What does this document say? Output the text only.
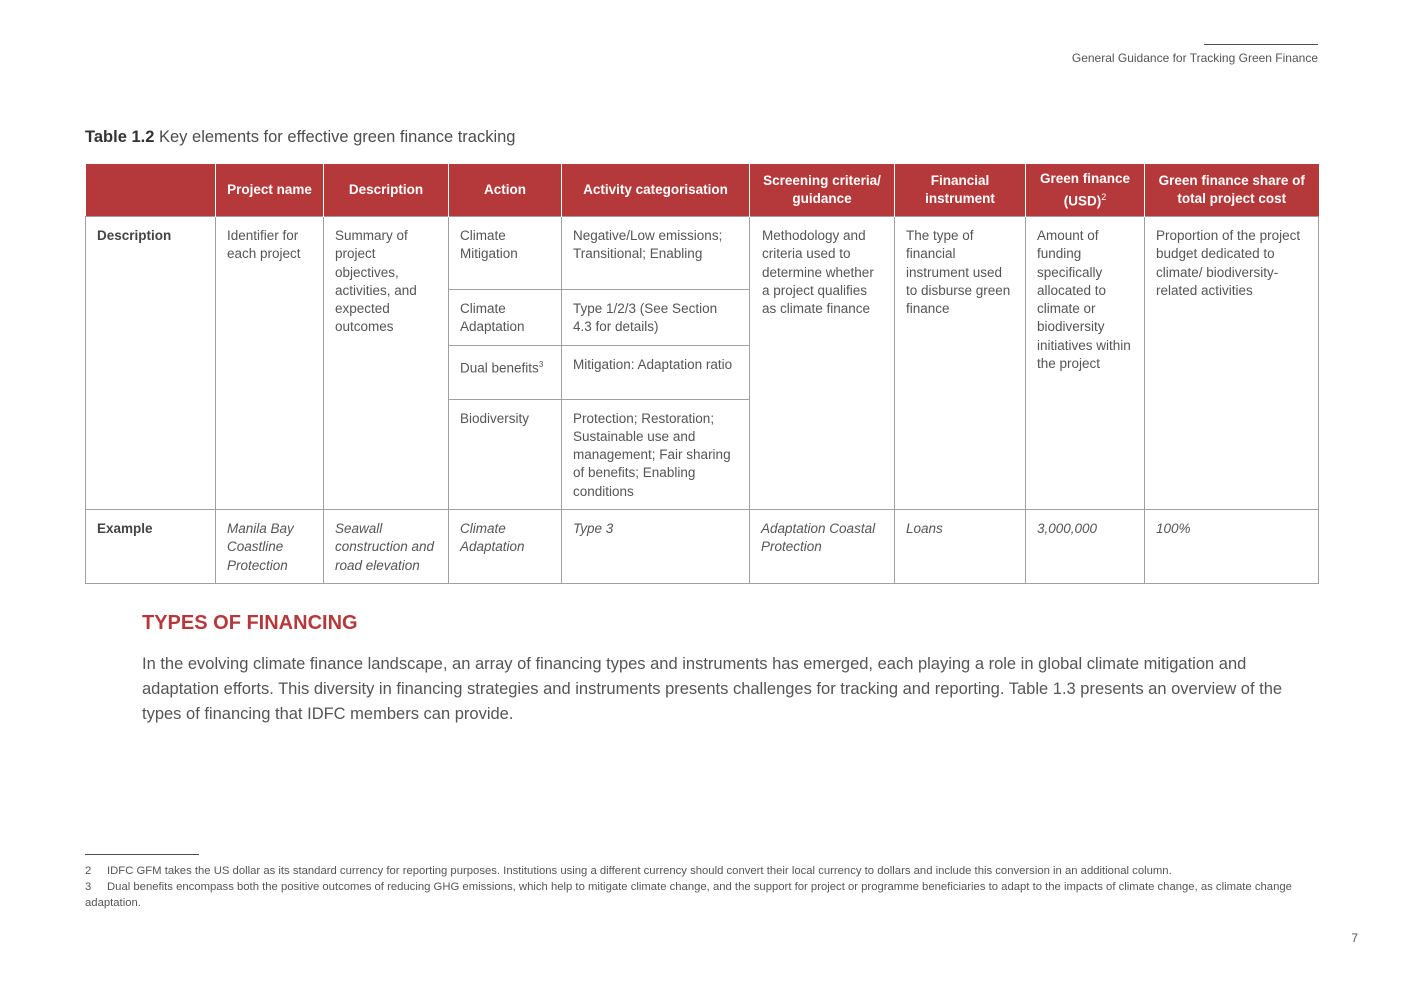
General Guidance for Tracking Green Finance
Table 1.2 Key elements for effective green finance tracking
	Project name	Description	Action	Activity categorisation	Screening criteria/ guidance	Financial instrument	Green finance (USD)$^2$	Green finance share of total project cost
Description	Identifier for each project	Summary of project objectives, activities, and expected outcomes	Climate Mitigation	Negative/Low emissions; Transitional; Enabling	Methodology and criteria used to determine whether a project qualifies as climate finance	The type of financial instrument used to disburse green finance	Amount of funding specifically allocated to climate or biodiversity initiatives within the project	Proportion of the project budget dedicated to climate/ biodiversity-related activities
			Climate Adaptation	Type 1/2/3 (See Section 4.3 for details)				
			Dual benefits$^3$	Mitigation: Adaptation ratio				
			Biodiversity	Protection; Restoration; Sustainable use and management; Fair sharing of benefits; Enabling conditions				
Example	Manila Bay Coastline Protection	Seawall construction and road elevation	Climate Adaptation	Type 3	Adaptation Coastal Protection	Loans	3,000,000	100%
TYPES OF FINANCING
In the evolving climate finance landscape, an array of financing types and instruments has emerged, each playing a role in global climate mitigation and adaptation efforts. This diversity in financing strategies and instruments presents challenges for tracking and reporting. Table 1.3 presents an overview of the types of financing that IDFC members can provide.
2 IDFC GFM takes the US dollar as its standard currency for reporting purposes. Institutions using a different currency should convert their local currency to dollars and include this conversion in an additional column.
3 Dual benefits encompass both the positive outcomes of reducing GHG emissions, which help to mitigate climate change, and the support for project or programme beneficiaries to adapt to the impacts of climate change, as climate change adaptation.
7
